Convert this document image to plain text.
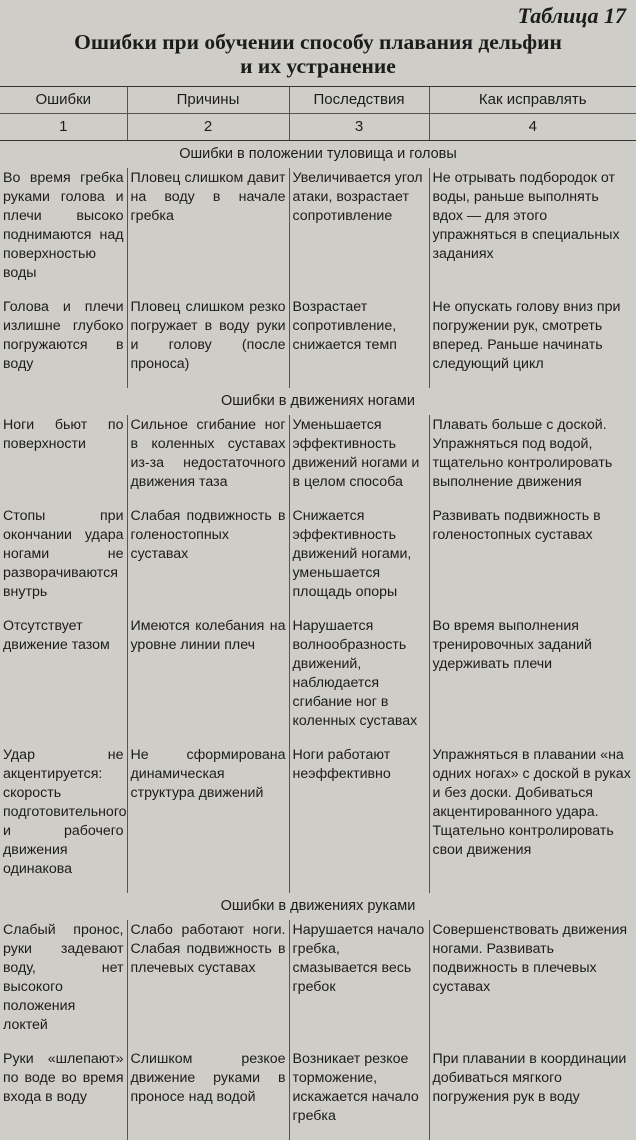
Таблица 17
Ошибки при обучении способу плавания дельфин
и их устранение
Ошибки	Причины	Последствия	Как исправлять
1	2	3	4
Ошибки в положении туловища и головы			
Во время гребка руками голова и плечи высоко поднимаются над поверхностью воды	Пловец слишком давит на воду в начале гребка	Увеличивается угол атаки, возрастает сопротивление	Не отрывать подбородок от воды, раньше выполнять вдох — для этого упражняться в специальных заданиях
Голова и плечи излишне глубоко погружаются в воду	Пловец слишком резко погружает в воду руки и голову (после проноса)	Возрастает сопротивление, снижается темп	Не опускать голову вниз при погружении рук, смотреть вперед. Раньше начинать следующий цикл
Ошибки в движениях ногами			
Ноги бьют по поверхности	Сильное сгибание ног в коленных суставах из-за недостаточного движения таза	Уменьшается эффективность движений ногами и в целом способа	Плавать больше с доской. Упражняться под водой, тщательно контролировать выполнение движения
Стопы при окончании удара ногами не разворачиваются внутрь	Слабая подвижность в голеностопных суставах	Снижается эффективность движений ногами, уменьшается площадь опоры	Развивать подвижность в голеностопных суставах
Отсутствует движение тазом	Имеются колебания на уровне линии плеч	Нарушается волнообразность движений, наблюдается сгибание ног в коленных суставах	Во время выполнения тренировочных заданий удерживать плечи
Удар не акцентируется: скорость подготовительного и рабочего движения одинакова	Не сформирована динамическая структура движений	Ноги работают неэффективно	Упражняться в плавании «на одних ногах» с доской в руках и без доски. Добиваться акцентированного удара. Тщательно контролировать свои движения
Ошибки в движениях руками			
Слабый пронос, руки задевают воду, нет высокого положения локтей	Слабо работают ноги. Слабая подвижность в плечевых суставах	Нарушается начало гребка, смазывается весь гребок	Совершенствовать движения ногами. Развивать подвижность в плечевых суставах
Руки «шлепают» по воде во время входа в воду	Слишком резкое движение руками в проносе над водой	Возникает резкое торможение, искажается начало гребка	При плавании в координации добиваться мягкого погружения рук в воду
